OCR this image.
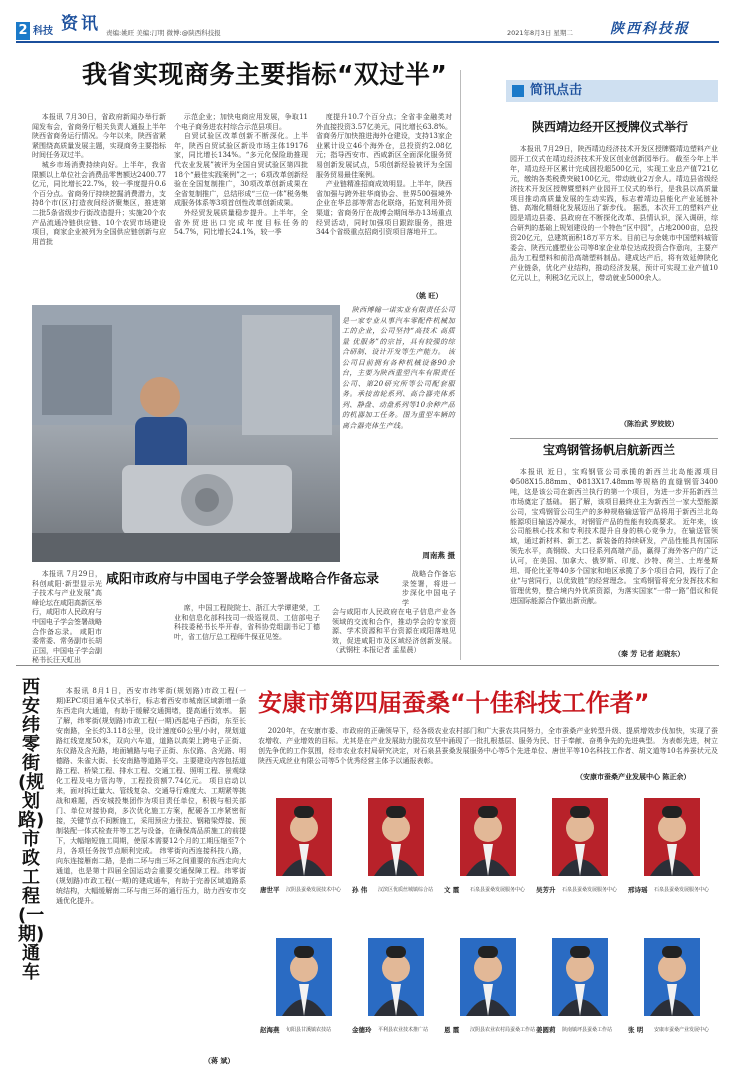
2 科技 资讯 责编:姚旺 美编:汀明 微博:@陕西科技报	2021年8月3日 星期二	陕西科技报
我省实现商务主要指标“双过半”

本报讯 7月30日，省政府新闻办举行新闻发布会，省商务厅相关负责人通报上半年陕西省商务运行情况。今年以来，陕西省紧紧围绕高质量发展主题，实现商务主要指标时间任务双过半。

城乡市场消费持续向好。上半年，我省限额以上单位社会消费品零售额达2400.77亿元，同比增长22.7%，较一季度提升0.6个百分点。省商务厅持续挖掘消费潜力，支持8个市(区)打造夜间经济聚集区，推进第二批5条省级步行街改造提升；实施20个农产品流通冷链供应链、10个农贸市场建设项目，商家企业被列为全国供应链创新与应用首批

示范企业；加快电商应用发展，争取11个电子商务进农村综合示范县项目。

自贸试验区改革创新不断深化。上半年，陕西自贸试验区新设市场主体19176家，同比增长134%。“多元化保险助推现代农业发展”被评为全国自贸试验区第四批18个“最佳实践案例”之一；6项改革创新经验在全国复制推广，30项改革创新成果在全省复制推广，总结形成“三位一体”税务集成服务体系等3项首创性改革创新成果。

外经贸发展质量稳步提升。上半年，全省外贸进出口完成年度目标任务的54.7%，同比增长24.1%，较一季

度提升10.7个百分点；全省非金融类对外直接投资3.57亿美元，同比增长63.8%。省商务厅加快推进海外仓建设，支持13家企业累计设立46个海外仓，总投资约2.08亿元；指导西安市、西咸新区全面深化服务贸易创新发展试点，5项创新经验被评为全国服务贸易最佳案例。

产业链精准招商成效明显。上半年，陕西省加强与跨外驻华商协会、世界500强境外企业在华总部等常态化联络，拓宽利用外资渠道；省商务厅在战博会期间举办13场重点经贸活动，同时加强项目跟踪服务，推进344个省级重点招商引资项目落地开工。

（姚 旺）
陕西博翰一诺实业有限责任公司是一家专业从事汽车零配件机械加工的企业，公司坚持“高技术 高质量 优服务”的宗旨，具有较强的综合研制、设计开发等生产能力。 该公司目前拥有各种机械设备90余台，主要为陕西重型汽车有限责任公司、第20研究所等公司配套服务。承接齿轮系列、高合器壳体系列、静盘、动盘系列等10余种产品的机器加工任务。图为重型车辆的离合器壳体生产线。
周南燕 摄

本报讯 7月29日，科创咸阳·新型显示光子技术与产业发展”高峰论坛在咸阳高新区举行，咸阳市人民政府与中国电子学会签署战略合作备忘录。 咸阳市委常委、常务副市长胡正国，中国电子学会副秘书长汪天虹出

咸阳市政府与中国电子学会签署战略合作备忘录

席，中国工程院院士、浙江大学谭建荣，工业和信息化部科技司一级巡视员、工信部电子科技委秘书长毕开春，省科协党组副书记丁德叶，省工信厅总工程师牛保亚见签。

战略合作备忘录签署，将进一步深化中国电子学

会与咸阳市人民政府在电子信息产业各领域的交流和合作，推动学会的专家资源、学术资源和平台资源在咸阳落地见效，促进咸阳市及区域经济创新发展。（武钢柱 本报记者 孟星晨）

简讯点击
陕西靖边经开区授牌仪式举行

本报讯 7月29日，陕西靖边经济技术开发区授牌暨靖边塑料产业园开工仪式在靖边经济技术开发区创业创新园举行。 截至今年上半年，靖边经开区累计完成固投超500亿元，实现工业总产值721亿元，缴纳各类税费突破100亿元，带动就业2万余人。靖边县省级经济技术开发区授牌暨塑料产业园开工仪式的举行，是我县以高质量项目推动高质量发展的生动实践，标志着靖边县能化产业延链补链、高端化精细化发展迈出了新步伐。 据悉，本次开工的塑料产业园是靖边县委、县政府在不断探化改革、县情认识，深入调研，综合研判的基础上规划建设的一个特色“区中园”，占地2000亩，总投资20亿元，总建筑面积18万平方米。目前已与余姚市中国塑料城管委会、陕西元盛塑业公司等8家企业单位达成投资合作意向，主要产品为工程塑料和前沿高端塑料制品。建成达产后，将有效延伸陕化产业链条，优化产业结构，推动经济发展，预计可实现工业产值10亿元以上，利税3亿元以上，带动就业5000余人。

（陈治武 罗姣姣）
宝鸡钢管扬帆启航新西兰

本报讯 近日，宝鸡钢管公司承揽的新西兰北岛能源项目Φ508X15.88mm、Φ813X17.48mm等规格的直缝钢管3400吨，这是该公司在新西兰执行的第一个项目，为进一步开拓新西兰市场奠定了基础。 据了解，该项目最终业主为新西兰一家大型能源公司，宝鸡钢管公司生产的多种规格输送管产品将用于新西兰北岛能源项目输送冷凝水，对钢管产品的性能有较高要求。 近年来，该公司能核心技术和专利技术提升自身的核心竞争力，在输送管领域，通过新材料、新工艺、新装备的持续研发，产品性能具有国际领先水平，高钢级、大口径系列高端产品，赢得了海外客户的广泛认可，在美国、加拿大、俄罗斯、印度、沙特、荷兰、土库曼斯坦、哥伦比亚等40多个国家和地区承揽了多个项目合同，践行了企业“与营同行，以优致胜”的经营理念。 宝鸡钢管将充分发挥技术和管理优势，整合境内外优质资源，为落实国家“一带一路”倡议和促进国际能源合作做出新贡献。

（秦 芳 记者 赵晓东）
西安纬零街(规划路)市政工程(一期)通车

本报讯 8月1日，西安市纬零街(规划路)市政工程(一期)EPC项目通车仪式举行，标志着西安市城南区域新增一条东西走向大通道，有助于缓解交通拥堵，提高通行效率。 据了解，纬零街(规划路)市政工程(一期)西起电子西街，东至长安南路，全长约3.118公里，设计速度60公里/小时，规划道路红线宽度50米，双向六车道，道路以高架上跨电子正街、东仪路及含光路，地面辅路与电子正街、东仪路、含光路、明德路、朱雀大街、长安南路等道路平交。主要建设内容包括道路工程、桥梁工程、排水工程、交通工程、照明工程、景观绿化工程及电力管沟等，工程投资额7.74亿元。 项目启动以来，面对拆迁量大、管线复杂、交通导行难度大、工期紧等挑战和难题，西安城投集团作为项目责任单位，积极与相关部门、单位对接协商，多次优化施工方案，配硬各工序紧密衔接，关键节点不间断施工，采用预应力张拉、钢箱梁焊接、预制装配一体式检查井等工艺与设备，在确保高品质施工的前提下，大幅缩短施工周期，使原本需要12个月的工期压缩至7个月，各项任务按节点顺利完成。 纬零街向西连接科技八路，向东连接雁南二路，是南二环与南三环之间重要的东西走向大通道，也是第十四届全国运动会重要交通保障工程。纬零街(规划路)市政工程(一期)的建成通车，有助于完善区域道路系统结构，大幅缓解南二环与南三环的通行压力，助力西安市交通优化提升。

（蒋 斌）
安康市第四届蚕桑“十佳科技工作者”

2020年，在安康市委、市政府的正确领导下，经各级农业农村部门和广大蚕农共同努力，全市蚕桑产业转型升级、提质增效步伐加快，实现了蚕农增收、产业增效的目标。尤其是在产业发展助力脱贫攻坚中涌现了一批扎根基层、服务为民、甘于奉献、奋勇争先的先进典型。 为表彰先进，树立创先争优的工作氛围，经市农业农村局研究决定，对石泉县蚕桑发展服务中心等5个先进单位、唐世平等10名科技工作者、胡文道等10名养蚕状元及陕西天成丝业有限公司等5个优秀经营主体予以通报表彰。

（安康市蚕桑产业发展中心 陈正余）
唐世平 汉阴县蚕桑发展技术中心 孙 伟 汉滨区优质丝城镇综合站 文 霞 石泉县蚕桑发展服务中心 吴芳升 石泉县蚕桑发展服务中心 邢诗瑶 石泉县蚕桑发展服务中心
赵海燕 旬阳县甘溪镇农技站	金德玲 平利县农业技术推广站 恩 霞 汉阴县农业农村局蚕桑工作站 姜圆莉 陕南镇坪县蚕桑工作站 张 明 安康市蚕桑产业发展中心
